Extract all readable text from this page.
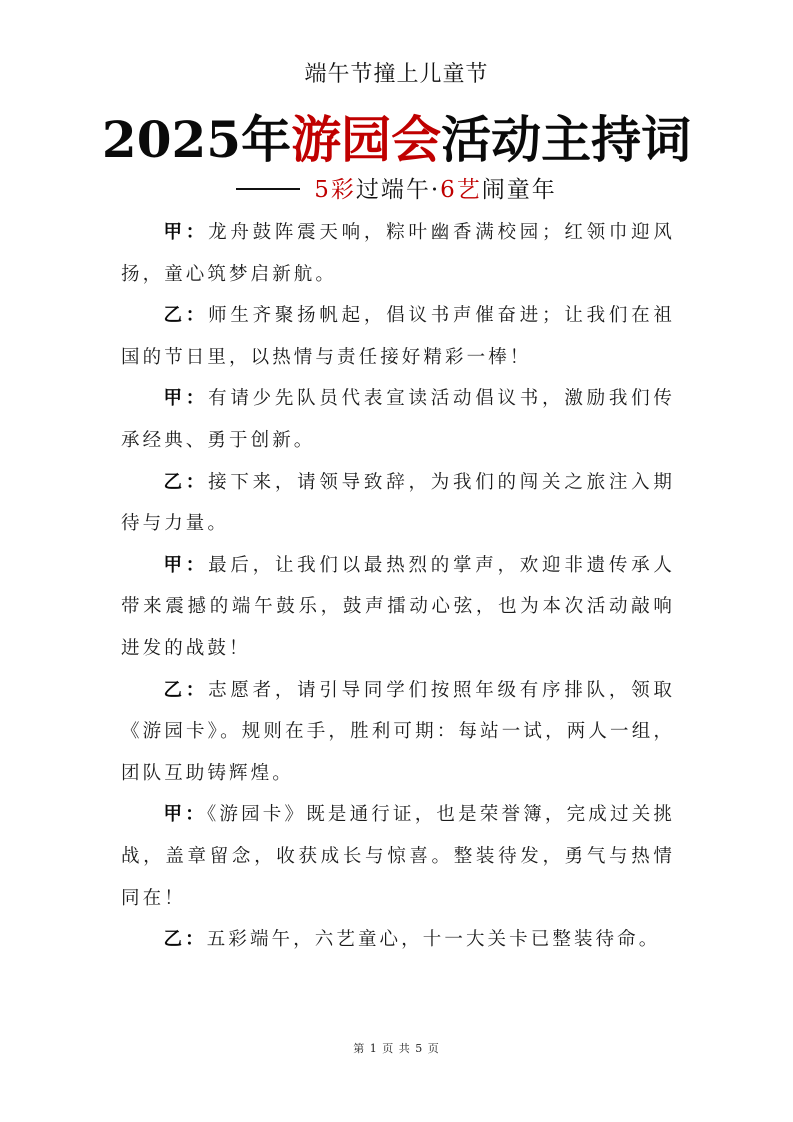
端午节撞上儿童节
2025年游园会活动主持词
5彩过端午·6艺闹童年

甲：龙舟鼓阵震天响，粽叶幽香满校园；红领巾迎风扬，童心筑梦启新航。

乙：师生齐聚扬帆起，倡议书声催奋进；让我们在祖国的节日里，以热情与责任接好精彩一棒！

甲：有请少先队员代表宣读活动倡议书，激励我们传承经典、勇于创新。

乙：接下来，请领导致辞，为我们的闯关之旅注入期待与力量。

甲：最后，让我们以最热烈的掌声，欢迎非遗传承人带来震撼的端午鼓乐，鼓声擂动心弦，也为本次活动敲响进发的战鼓！

乙：志愿者，请引导同学们按照年级有序排队，领取《游园卡》。规则在手，胜利可期：每站一试，两人一组，团队互助铸辉煌。

甲：《游园卡》既是通行证，也是荣誉簿，完成过关挑战，盖章留念，收获成长与惊喜。整装待发，勇气与热情同在！

乙：五彩端午，六艺童心，十一大关卡已整装待命。

第 1 页 共 5 页
